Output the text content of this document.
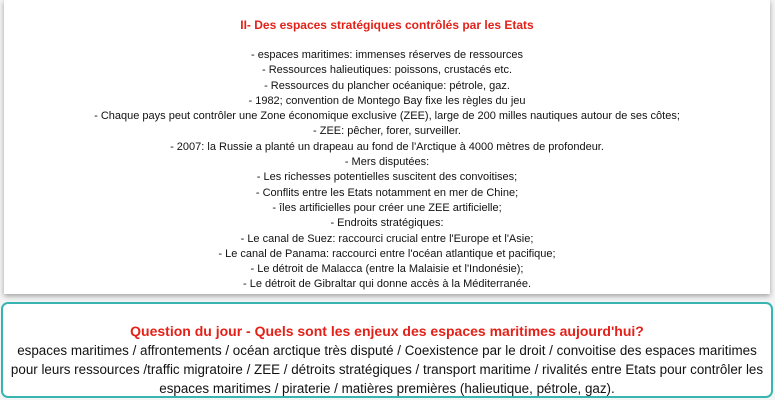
II- Des espaces stratégiques contrôlés par les Etats
- espaces maritimes: immenses réserves de ressources
- Ressources halieutiques: poissons, crustacés etc.
- Ressources du plancher océanique: pétrole, gaz.
- 1982; convention de Montego Bay fixe les règles du jeu
- Chaque pays peut contrôler une Zone économique exclusive (ZEE), large de 200 milles nautiques autour de ses côtes;
- ZEE: pêcher, forer, surveiller.
- 2007: la Russie a planté un drapeau au fond de l'Arctique à 4000 mètres de profondeur.
- Mers disputées:
- Les richesses potentielles suscitent des convoitises;
- Conflits entre les Etats notamment en mer de Chine;
- îles artificielles pour créer une ZEE artificielle;
- Endroits stratégiques:
- Le canal de Suez: raccourci crucial entre l'Europe et l'Asie;
- Le canal de Panama: raccourci entre l'océan atlantique et pacifique;
- Le détroit de Malacca (entre la Malaisie et l'Indonésie);
- Le détroit de Gibraltar qui donne accès à la Méditerranée.
Question du jour - Quels sont les enjeux des espaces maritimes aujourd'hui?

espaces maritimes / affrontements / océan arctique très disputé / Coexistence par le droit / convoitise des espaces maritimes pour leurs ressources /traffic migratoire / ZEE / détroits stratégiques / transport maritime / rivalités entre Etats pour contrôler les espaces maritimes / piraterie / matières premières (halieutique, pétrole, gaz).
